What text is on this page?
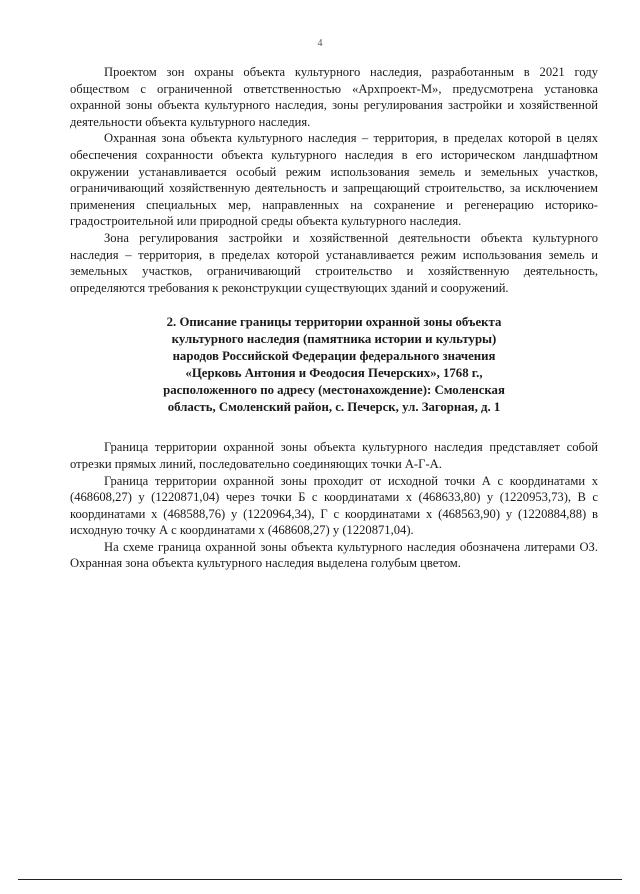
4

Проектом зон охраны объекта культурного наследия, разработанным в 2021 году обществом с ограниченной ответственностью «Архпроект-М», предусмотрена установка охранной зоны объекта культурного наследия, зоны регулирования застройки и хозяйственной деятельности объекта культурного наследия.

Охранная зона объекта культурного наследия – территория, в пределах которой в целях обеспечения сохранности объекта культурного наследия в его историческом ландшафтном окружении устанавливается особый режим использования земель и земельных участков, ограничивающий хозяйственную деятельность и запрещающий строительство, за исключением применения специальных мер, направленных на сохранение и регенерацию историко-градостроительной или природной среды объекта культурного наследия.

Зона регулирования застройки и хозяйственной деятельности объекта культурного наследия – территория, в пределах которой устанавливается режим использования земель и земельных участков, ограничивающий строительство и хозяйственную деятельность, определяются требования к реконструкции существующих зданий и сооружений.

2. Описание границы территории охранной зоны объекта культурного наследия (памятника истории и культуры) народов Российской Федерации федерального значения «Церковь Антония и Феодосия Печерских», 1768 г., расположенного по адресу (местонахождение): Смоленская область, Смоленский район, с. Печерск, ул. Загорная, д. 1

Граница территории охранной зоны объекта культурного наследия представляет собой отрезки прямых линий, последовательно соединяющих точки А-Г-А.

Граница территории охранной зоны проходит от исходной точки А с координатами х (468608,27) у (1220871,04) через точки Б с координатами х (468633,80) у (1220953,73), В с координатами х (468588,76) у (1220964,34), Г с координатами х (468563,90) у (1220884,88) в исходную точку А с координатами х (468608,27) у (1220871,04).

На схеме граница охранной зоны объекта культурного наследия обозначена литерами ОЗ. Охранная зона объекта культурного наследия выделена голубым цветом.
